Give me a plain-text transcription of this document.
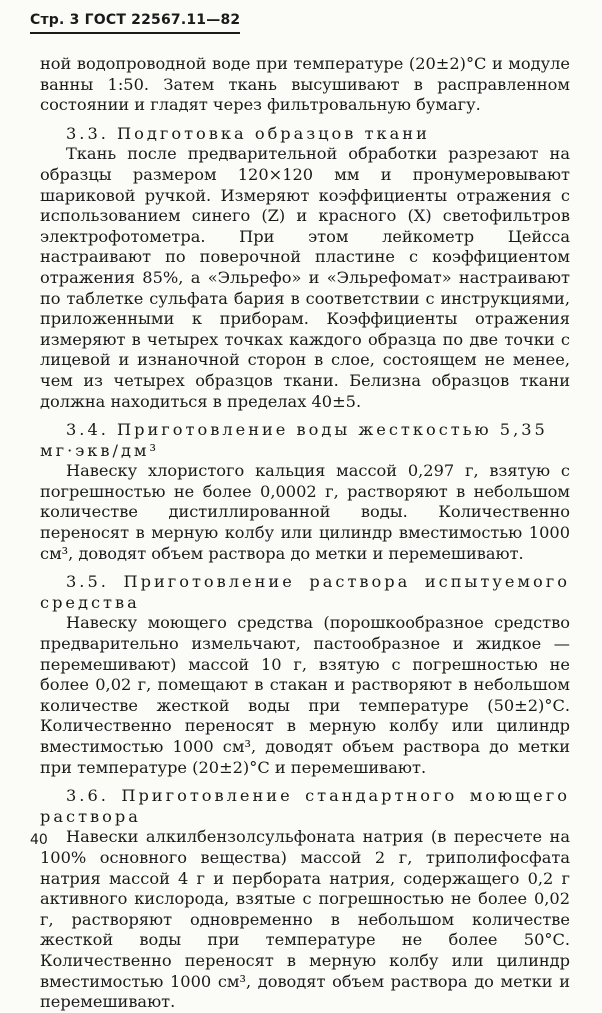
Стр. 3 ГОСТ 22567.11—82

ной водопроводной воде при температуре (20±2)°С и модуле ванны 1:50. Затем ткань высушивают в расправленном состоянии и гладят через фильтровальную бумагу.

3.3. Подготовка образцов ткани

Ткань после предварительной обработки разрезают на образцы размером 120×120 мм и пронумеровывают шариковой ручкой. Измеряют коэффициенты отражения с использованием синего (Z) и красного (X) светофильтров электрофотометра. При этом лейкометр Цейсса настраивают по поверочной пластине с коэффициентом отражения 85%, а «Эльрефо» и «Эльрефомат» настраивают по таблетке сульфата бария в соответствии с инструкциями, приложенными к приборам. Коэффициенты отражения измеряют в четырех точках каждого образца по две точки с лицевой и изнаночной сторон в слое, состоящем не менее, чем из четырех образцов ткани. Белизна образцов ткани должна находиться в пределах 40±5.

3.4. Приготовление воды жесткостью 5,35 мг·экв/дм³

Навеску хлористого кальция массой 0,297 г, взятую с погрешностью не более 0,0002 г, растворяют в небольшом количестве дистиллированной воды. Количественно переносят в мерную колбу или цилиндр вместимостью 1000 см³, доводят объем раствора до метки и перемешивают.

3.5. Приготовление раствора испытуемого

средства

Навеску моющего средства (порошкообразное средство предварительно измельчают, пастообразное и жидкое — перемешивают) массой 10 г, взятую с погрешностью не более 0,02 г, помещают в стакан и растворяют в небольшом количестве жесткой воды при температуре (50±2)°С. Количественно переносят в мерную колбу или цилиндр вместимостью 1000 см³, доводят объем раствора до метки при температуре (20±2)°С и перемешивают.

3.6. Приготовление стандартного моющего

раствора

Навески алкилбензолсульфоната натрия (в пересчете на 100% основного вещества) массой 2 г, триполифосфата натрия массой 4 г и пербората натрия, содержащего 0,2 г активного кислорода, взятые с погрешностью не более 0,02 г, растворяют одновременно в небольшом количестве жесткой воды при температуре не более 50°С. Количественно переносят в мерную колбу или цилиндр вместимостью 1000 см³, доводят объем раствора до метки и перемешивают.

40
